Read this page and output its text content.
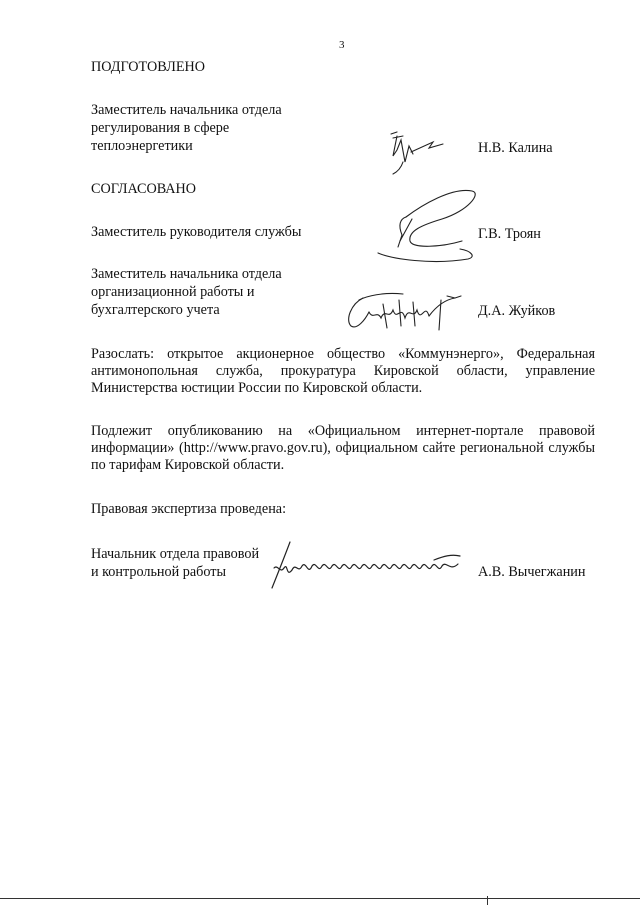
3
ПОДГОТОВЛЕНО
Заместитель начальника отдела
регулирования в сфере
теплоэнергетики	Н.В. Калина
СОГЛАСОВАНО
Заместитель руководителя службы	Г.В. Троян
Заместитель начальника отдела
организационной работы и
бухгалтерского учета	Д.А. Жуйков
Разослать: открытое акционерное общество «Коммунэнерго», Федеральная антимонопольная служба, прокуратура Кировской области, управление Министерства юстиции России по Кировской области.
Подлежит опубликованию на «Официальном интернет-портале правовой информации» (http://www.pravo.gov.ru), официальном сайте региональной службы по тарифам Кировской области.
Правовая экспертиза проведена:
Начальник отдела правовой
и контрольной работы	А.В. Вычегжанин
